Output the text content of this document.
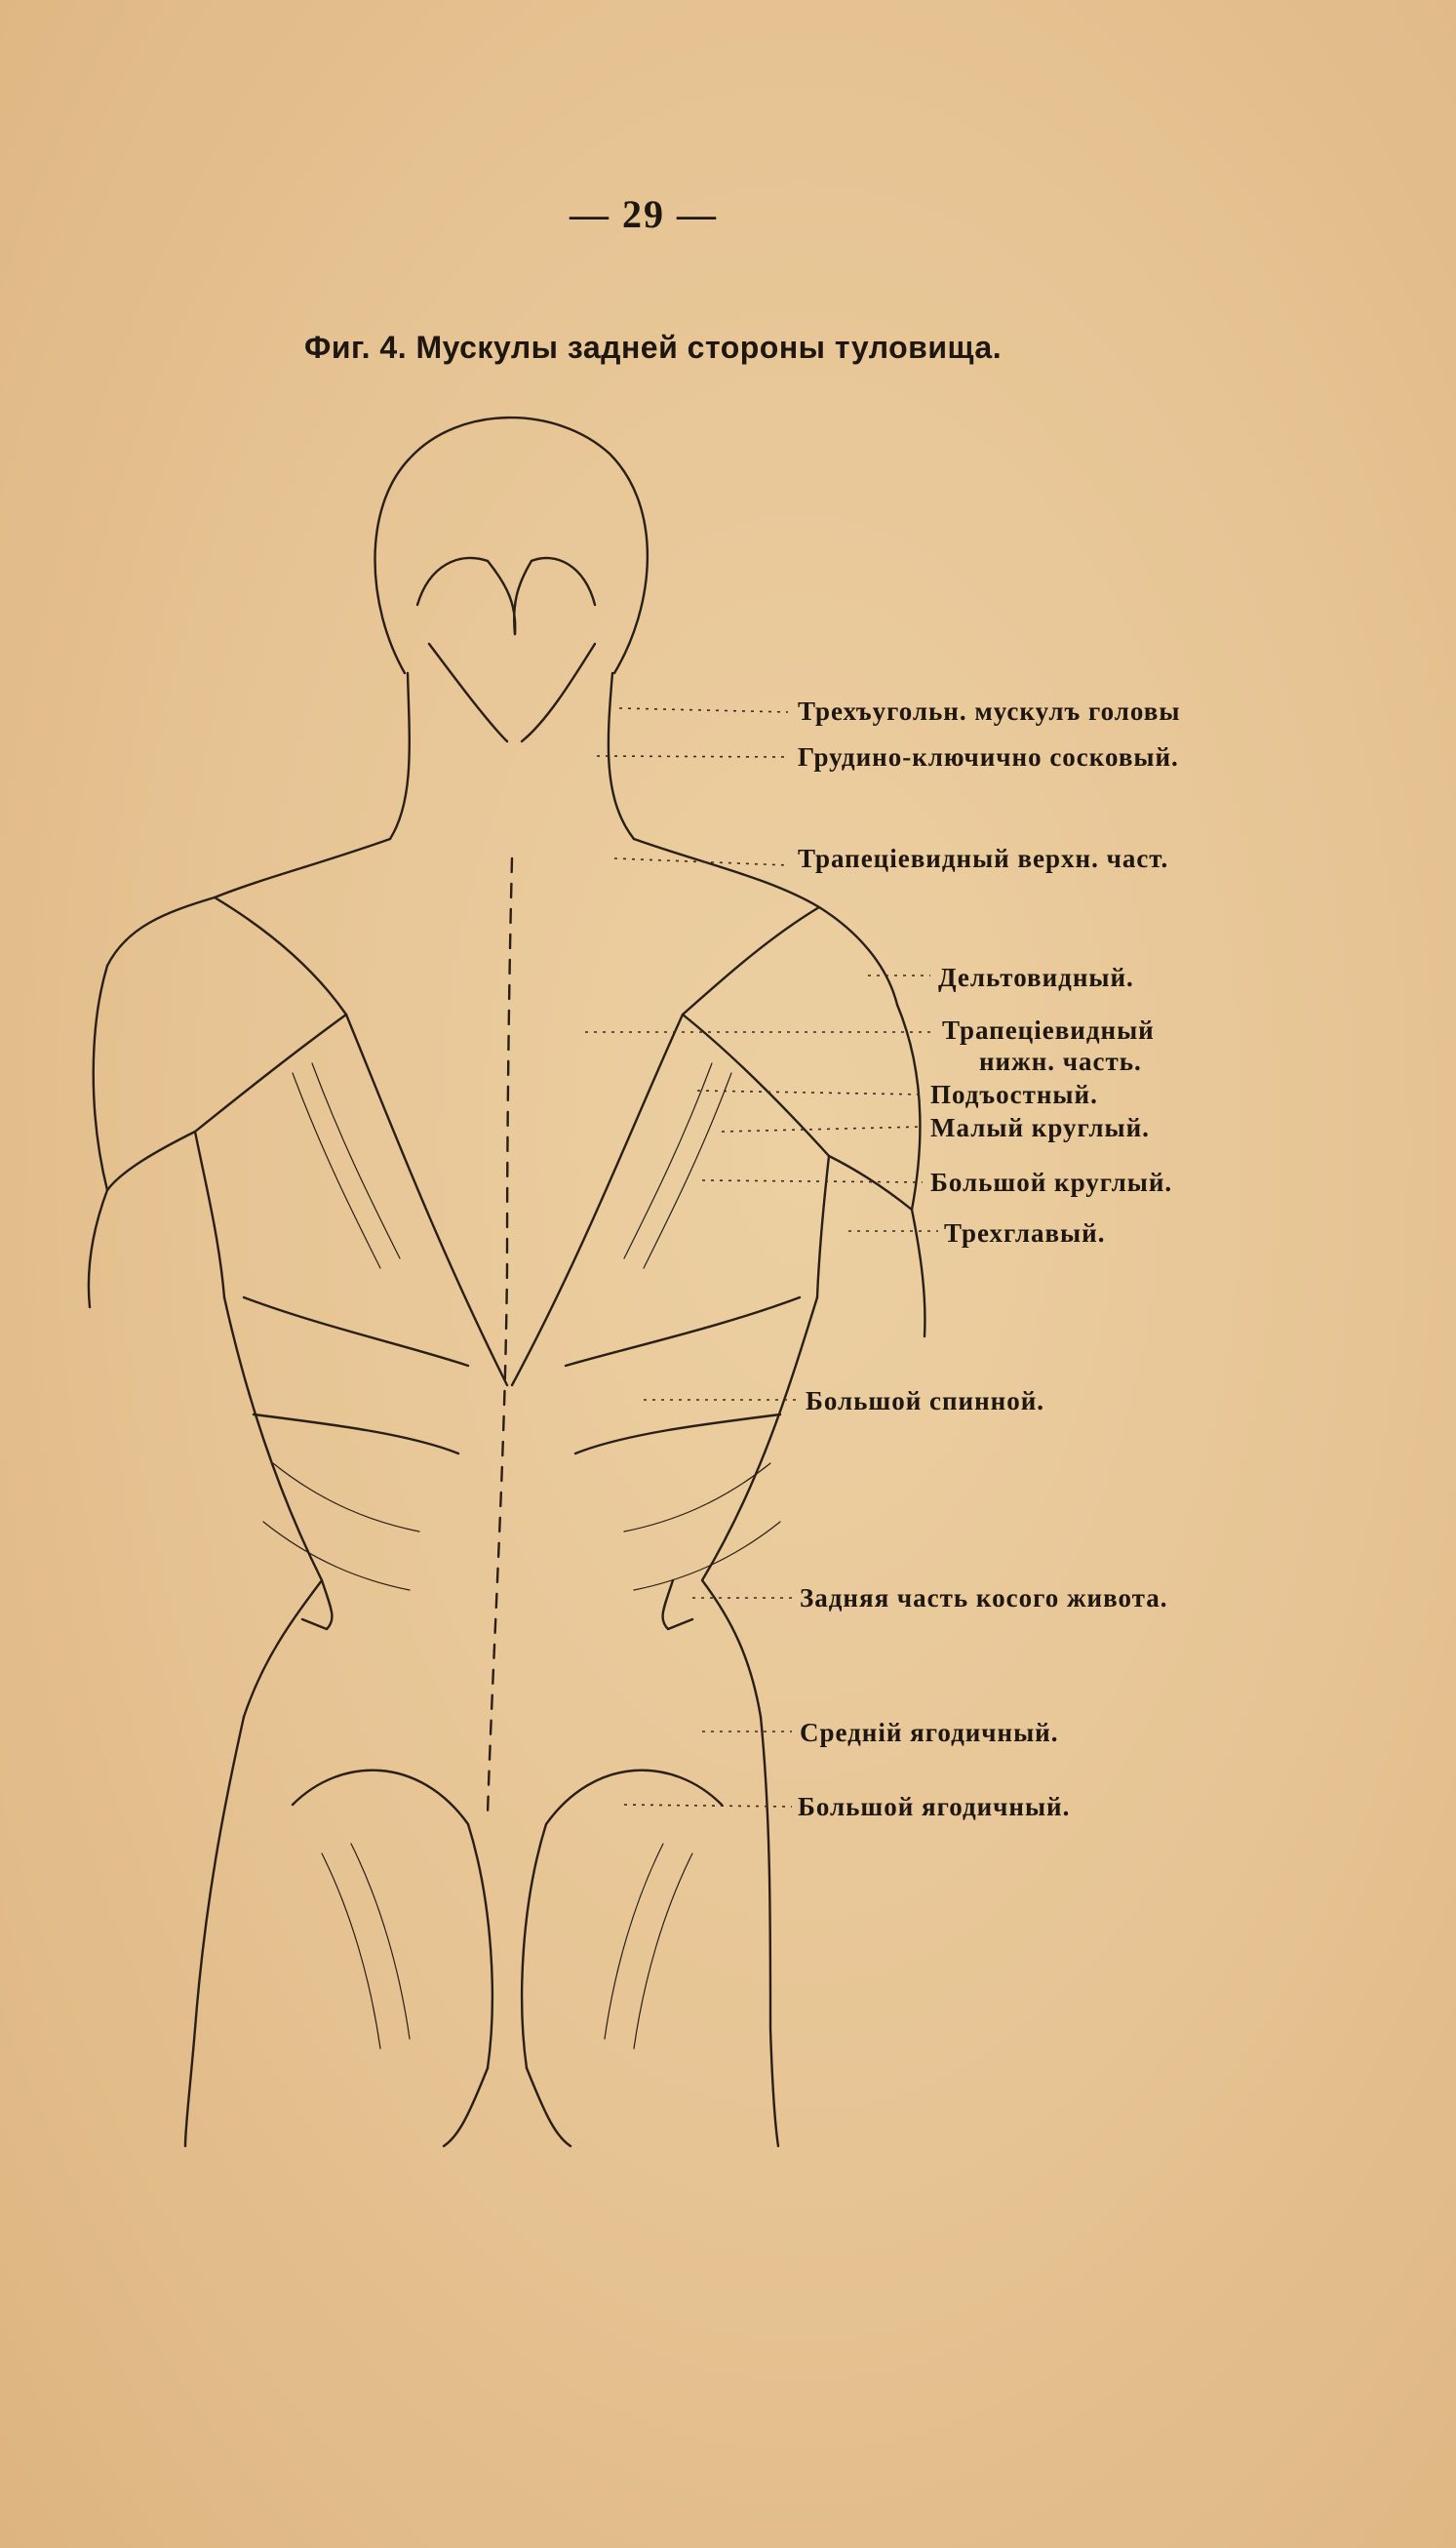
— 29 —
Фиг. 4. Мускулы задней стороны туловища.
Трехъугольн. мускулъ головы
Грудино-ключично сосковый.
Трапецiевидный верхн. част.
Дельтовидный.
Трапецiевидный
нижн. часть.
Подъостный.
Малый круглый.
Большой круглый.
Трехглавый.
Большой спинной.
Задняя часть косого живота.
Среднiй ягодичный.
Большой ягодичный.
